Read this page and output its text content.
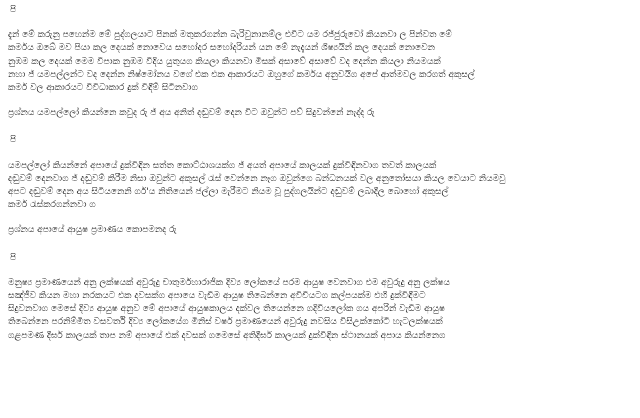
පි
දැන් මේ කරුනු පහෙන්ම මේ පුද්ගලයාට පිනක් මතුකරගන්න බැරිවුනානම්ල එවිට යම රජ්ජුරුවෝ කියනවා ල පින්වත මේ
කර්මය ඔබේ මව පියා කල දෙයක් නොවෙය සහෝදර සහෝදරියන් යන මේ නැදැයන් ශිෂ්‍යයින් කල දෙයක් නොවෙන
නුඹම කල දෙයක් මෙම විපාක නුඹම විදිය යුතුයග කියලා කියනවා මිසක් අසාවේ අසාවේ වද දෙන්න කියලා නියමයක්
නහා ජ් යමපල්ලන්ට වද දෙන්න නිෂ්මෝනය වගේ එක එක ආකාරයට ඔහුගේ කර්මය අනුවයිග අපේ ආත්මවල කරගත් අකුසල්
කර්ම වල ආකාරයට විවිධාකාර දුක් විඳීම් සිටිනවාග
ප්‍රශ්නය යමපල්ලෝ කියන්නෙ කවුද රු ජ් අය අනිත් දඬුවම් දෙන විට ඔවුන්ට පව් සිදුවන්නේ නැද්ද රු
පි
යමපල්ලෝ කියන්නේ අපායේ දුක්විඳින සත්ත කොට්ඨාශයක්ග ජ් අයත් අපායේ කාලයක් දුක්විඳිනවාග තවත් කාලයක්
දඬුවම් දෙනවාග ජ් දඬුවම් කිරීම නිසා ඔවුන්ට අකුසල් රැස් වෙන්නෙ නෑග ඔවුන්ගෙ බන්ධනයක් වල අනුතෝසයා කියල වෙයාට නියමවු
අපට දඬුවම් දෙන අය සිටියනෙනි ගර්'ය නිතියෙන් ජල්ලා මැරීමට නියම වූ පුද්ගලයින්ට දඬුවම් ලබාදීල බොහෝ අකුසල්
කර්ම රැස්කරගන්නවා ග
ප්‍රශ්නය අපායේ ආයුෂ ප්‍රමාණය කොපමනද රු
පි
මනුෂ්‍ය ප්‍රමාණයෙන් අනු ලක්ෂයක් අවුරුදු චාතුර්මහාරාජික දිව්‍ය ලෝකයේ පරම ආයුෂ වෙනවාග එම අවුරුදු අනු ලක්ෂය
සඤ්ජීව කියන මහා නරකයට එක දවසක්ග අපායෙ වැඩිම ආයුෂ තිබෙන්නෙ අවිචියටග කල්පයක්ම එහි දුක්විඳීමට
සිදුවනවාග මෙසේ දිව්‍ය ආයුෂ අනුව මේ අපායේ ආයුෂකාලය දක්වල තියෙන්නෙ ගදිවියලෝක ගය අපරින් වැඩිම ආයුෂ
තිබෙන්නෙ පරනිම්මිත වසවර්ති දිව්‍ය ලෝකයේග මිනිස් වර්ෂ ප්‍රමාණයෙන් අවුරුදු නවසිය විසිඋක්කෝටි හැටලක්ෂයක්
ගළපමණ දීර්ඝ කාලයක් තාප නම් අපායේ එක් දවසක් ගමෙසේ අතිදීර්ඝ කාලයක් දුක්විඳින ස්ථානයක් අපාය කියන්නෙග
